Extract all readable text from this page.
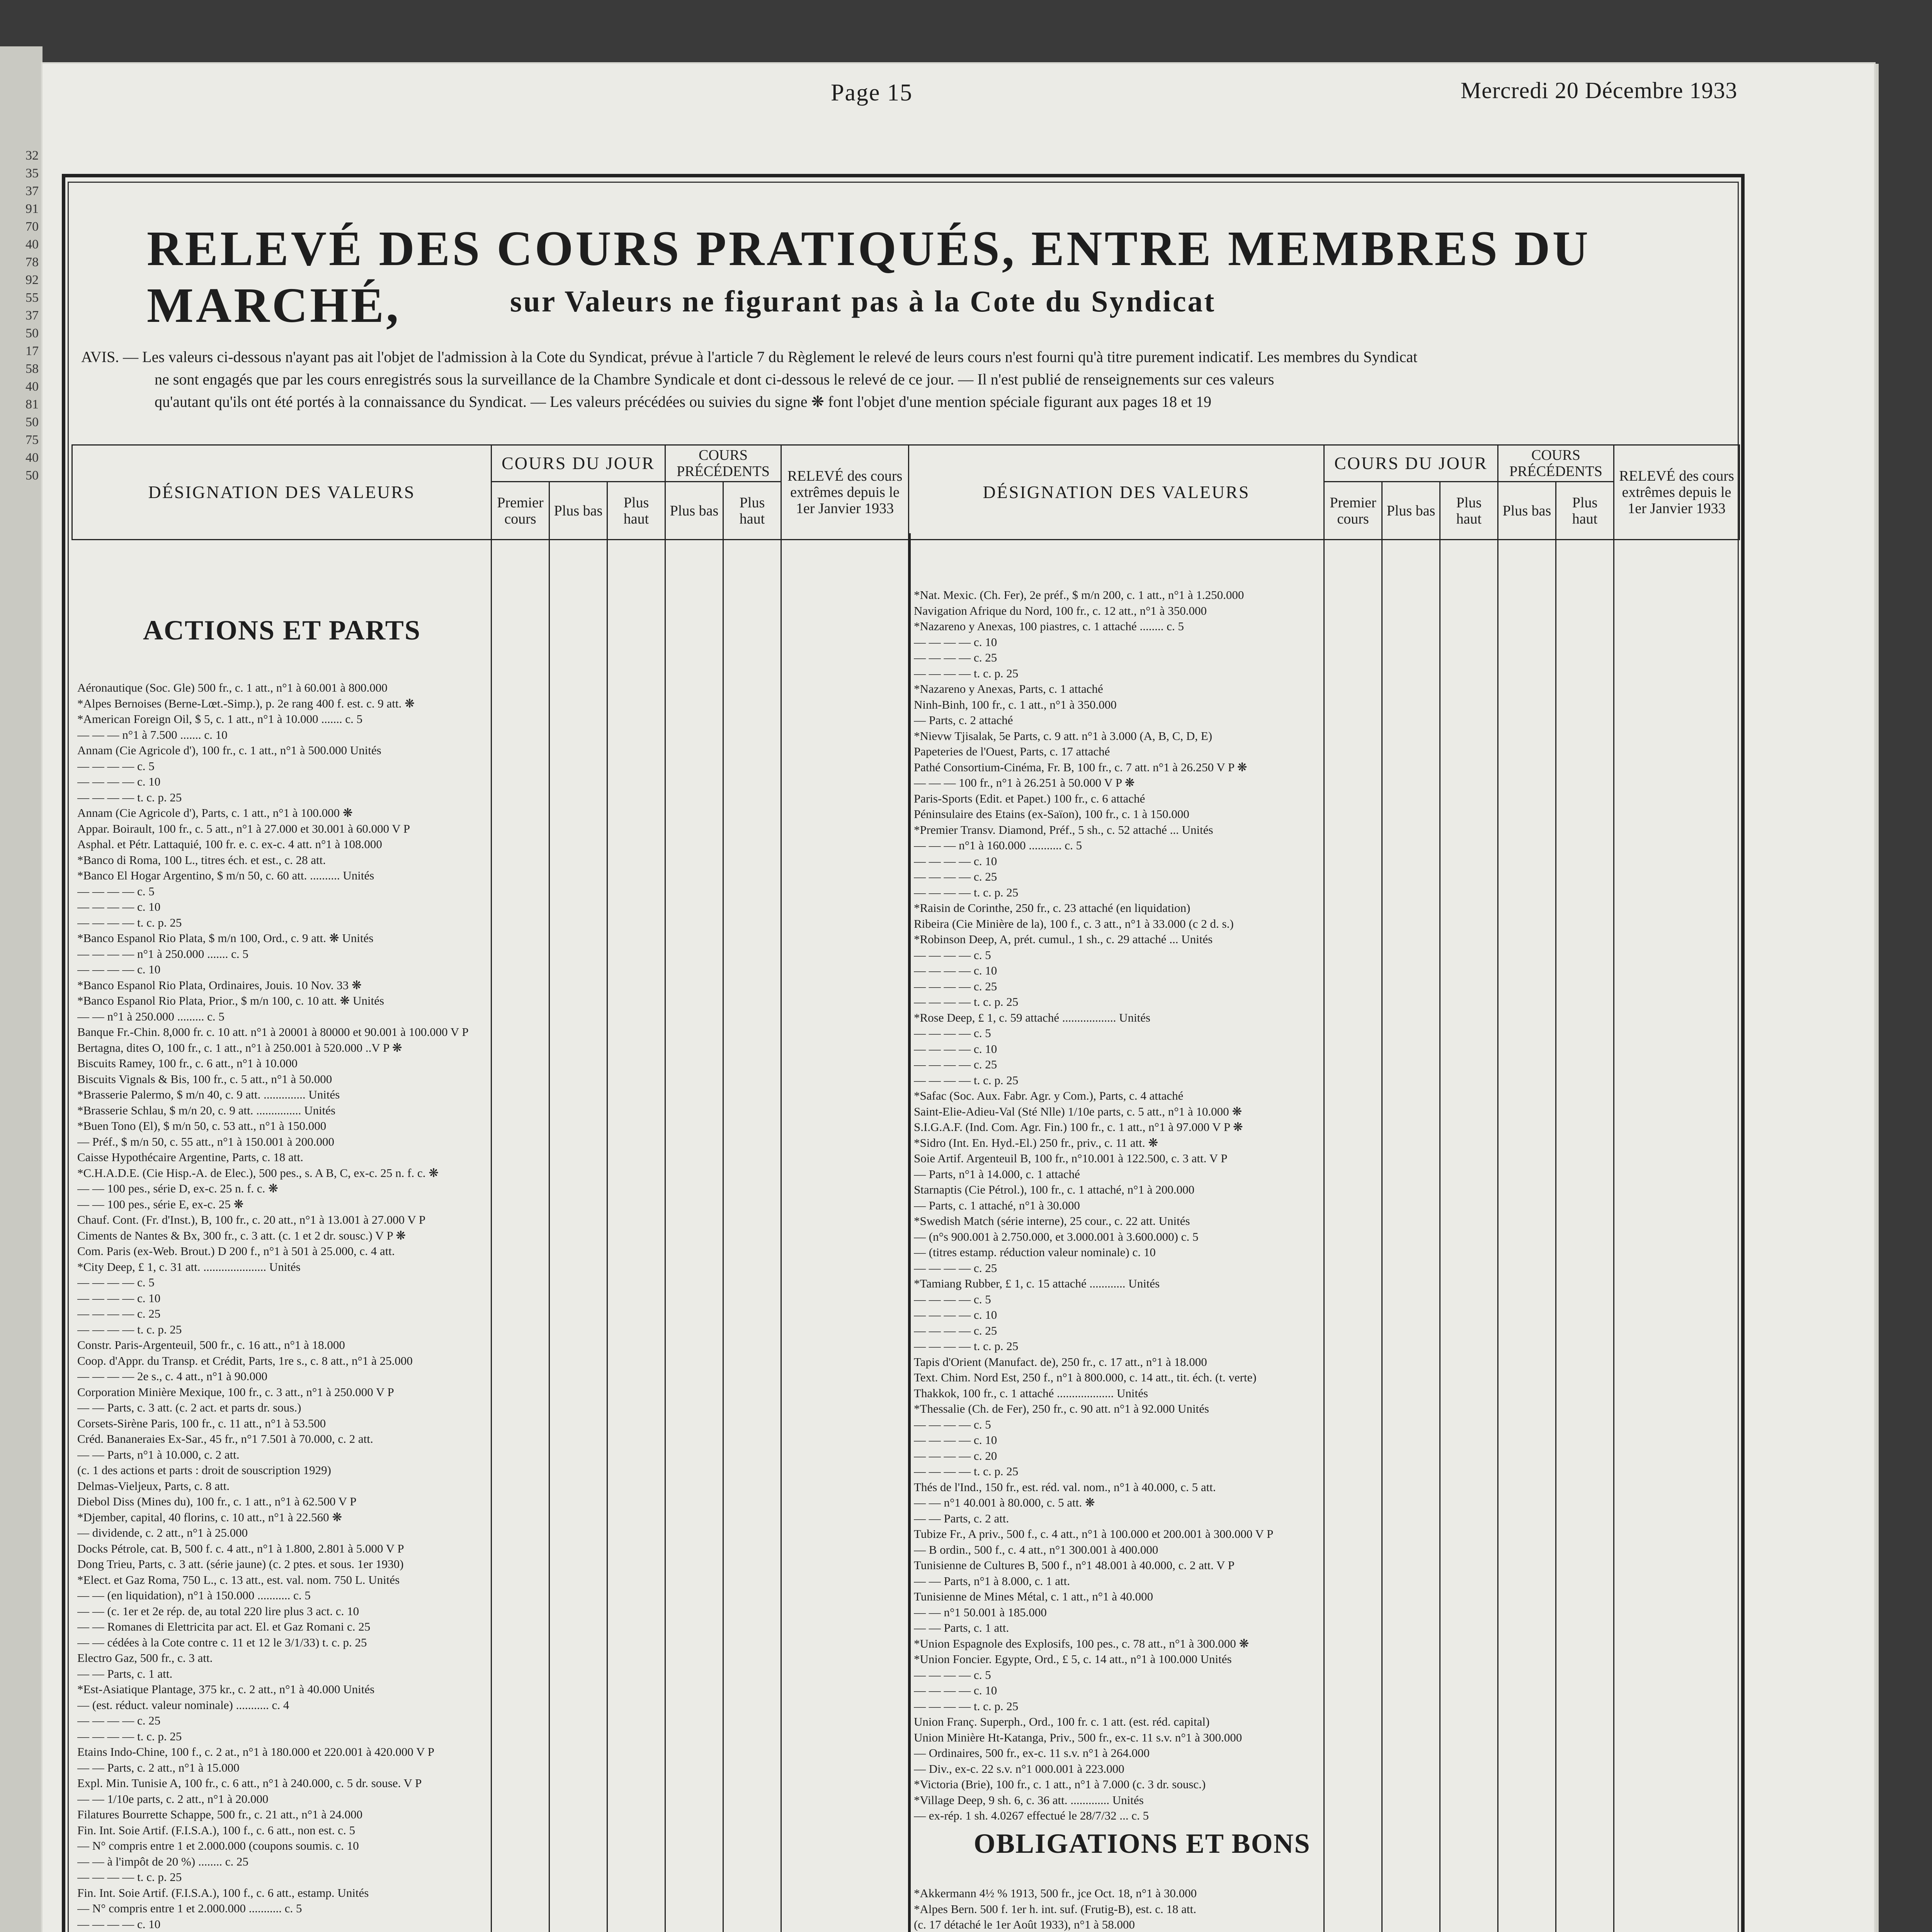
32
35
37
91
70
40
78
92
55
37
50
17
58
40
81
50
75
40
50
Page 15	Mercredi 20 Décembre 1933
RELEVÉ DES COURS PRATIQUÉS, ENTRE MEMBRES DU MARCHÉ,	sur Valeurs ne figurant pas à la Cote du Syndicat

AVIS. — Les valeurs ci-dessous n'ayant pas ait l'objet de l'admission à la Cote du Syndicat, prévue à l'article 7 du Règlement le relevé de leurs cours n'est fourni qu'à titre purement indicatif. Les membres du Syndicat

ne sont engagés que par les cours enregistrés sous la surveillance de la Chambre Syndicale et dont ci-dessous le relevé de ce jour. — Il n'est publié de renseignements sur ces valeurs

qu'autant qu'ils ont été portés à la connaissance du Syndicat. — Les valeurs précédées ou suivies du signe ❋ font l'objet d'une mention spéciale figurant aux pages 18 et 19

DÉSIGNATION DES VALEURS	COURS DU JOUR			COURS PRÉCÉDENTS		RELEVÉ des cours extrêmes depuis le 1er Janvier 1933
	Premier cours	Plus bas	Plus haut	Plus bas	Plus haut	
DÉSIGNATION DES VALEURS	COURS DU JOUR			COURS PRÉCÉDENTS		RELEVÉ des cours extrêmes depuis le 1er Janvier 1933
	Premier cours	Plus bas	Plus haut	Plus bas	Plus haut	
ACTIONS ET PARTS
OBLIGATIONS ET BONS
Aéronautique (Soc. Gle) 500 fr., c. 1 att., n°1 à 60.001 à 800.000
*Alpes Bernoises (Berne-Lœt.-Simp.), p. 2e rang 400 f. est. c. 9 att. ❋
*American Foreign Oil, $ 5, c. 1 att., n°1 à 10.000 ....... c. 5
— — — n°1 à 7.500 ....... c. 10
Annam (Cie Agricole d'), 100 fr., c. 1 att., n°1 à 500.000 Unités
— — — — c. 5
— — — — c. 10
— — — — t. c. p. 25
Annam (Cie Agricole d'), Parts, c. 1 att., n°1 à 100.000 ❋
Appar. Boirault, 100 fr., c. 5 att., n°1 à 27.000 et 30.001 à 60.000 V P
Asphal. et Pétr. Lattaquié, 100 fr. e. c. ex-c. 4 att. n°1 à 108.000
*Banco di Roma, 100 L., titres éch. et est., c. 28 att.
*Banco El Hogar Argentino, $ m/n 50, c. 60 att. .......... Unités
— — — — c. 5
— — — — c. 10
— — — — t. c. p. 25
*Banco Espanol Rio Plata, $ m/n 100, Ord., c. 9 att. ❋ Unités
— — — — n°1 à 250.000 ....... c. 5
— — — — c. 10
*Banco Espanol Rio Plata, Ordinaires, Jouis. 10 Nov. 33 ❋
*Banco Espanol Rio Plata, Prior., $ m/n 100, c. 10 att. ❋ Unités
— — n°1 à 250.000 ......... c. 5
Banque Fr.-Chin. 8,000 fr. c. 10 att. n°1 à 20001 à 80000 et 90.001 à 100.000 V P
Bertagna, dites O, 100 fr., c. 1 att., n°1 à 250.001 à 520.000 ..V P ❋
Biscuits Ramey, 100 fr., c. 6 att., n°1 à 10.000
Biscuits Vignals & Bis, 100 fr., c. 5 att., n°1 à 50.000
*Brasserie Palermo, $ m/n 40, c. 9 att. .............. Unités
*Brasserie Schlau, $ m/n 20, c. 9 att. ............... Unités
*Buen Tono (El), $ m/n 50, c. 53 att., n°1 à 150.000
— Préf., $ m/n 50, c. 55 att., n°1 à 150.001 à 200.000
Caisse Hypothécaire Argentine, Parts, c. 18 att.
*C.H.A.D.E. (Cie Hisp.-A. de Elec.), 500 pes., s. A B, C, ex-c. 25 n. f. c. ❋
— — 100 pes., série D, ex-c. 25 n. f. c. ❋
— — 100 pes., série E, ex-c. 25 ❋
Chauf. Cont. (Fr. d'Inst.), B, 100 fr., c. 20 att., n°1 à 13.001 à 27.000 V P
Ciments de Nantes & Bx, 300 fr., c. 3 att. (c. 1 et 2 dr. sousc.) V P ❋
Com. Paris (ex-Web. Brout.) D 200 f., n°1 à 501 à 25.000, c. 4 att.
*City Deep, £ 1, c. 31 att. ..................... Unités
— — — — c. 5
— — — — c. 10
— — — — c. 25
— — — — t. c. p. 25
Constr. Paris-Argenteuil, 500 fr., c. 16 att., n°1 à 18.000
Coop. d'Appr. du Transp. et Crédit, Parts, 1re s., c. 8 att., n°1 à 25.000
— — — — 2e s., c. 4 att., n°1 à 90.000
Corporation Minière Mexique, 100 fr., c. 3 att., n°1 à 250.000 V P
— — Parts, c. 3 att. (c. 2 act. et parts dr. sous.)
Corsets-Sirène Paris, 100 fr., c. 11 att., n°1 à 53.500
Créd. Bananeraies Ex-Sar., 45 fr., n°1 7.501 à 70.000, c. 2 att.
— — Parts, n°1 à 10.000, c. 2 att.
(c. 1 des actions et parts : droit de souscription 1929)
Delmas-Vieljeux, Parts, c. 8 att.
Diebol Diss (Mines du), 100 fr., c. 1 att., n°1 à 62.500 V P
*Djember, capital, 40 florins, c. 10 att., n°1 à 22.560 ❋
— dividende, c. 2 att., n°1 à 25.000
Docks Pétrole, cat. B, 500 f. c. 4 att., n°1 à 1.800, 2.801 à 5.000 V P
Dong Trieu, Parts, c. 3 att. (série jaune) (c. 2 ptes. et sous. 1er 1930)
*Elect. et Gaz Roma, 750 L., c. 13 att., est. val. nom. 750 L. Unités
— — (en liquidation), n°1 à 150.000 ........... c. 5
— — (c. 1er et 2e rép. de, au total 220 lire plus 3 act. c. 10
— — Romanes di Elettricita par act. El. et Gaz Romani c. 25
— — cédées à la Cote contre c. 11 et 12 le 3/1/33) t. c. p. 25
Electro Gaz, 500 fr., c. 3 att.
— — Parts, c. 1 att.
*Est-Asiatique Plantage, 375 kr., c. 2 att., n°1 à 40.000 Unités
— (est. réduct. valeur nominale) ........... c. 4
— — — — c. 25
— — — — t. c. p. 25
Etains Indo-Chine, 100 f., c. 2 at., n°1 à 180.000 et 220.001 à 420.000 V P
— — Parts, c. 2 att., n°1 à 15.000
Expl. Min. Tunisie A, 100 fr., c. 6 att., n°1 à 240.000, c. 5 dr. souse. V P
— — 1/10e parts, c. 2 att., n°1 à 20.000
Filatures Bourrette Schappe, 500 fr., c. 21 att., n°1 à 24.000
Fin. Int. Soie Artif. (F.I.S.A.), 100 f., c. 6 att., non est. c. 5
— N° compris entre 1 et 2.000.000 (coupons soumis. c. 10
— — à l'impôt de 20 %) ........ c. 25
— — — — t. c. p. 25
Fin. Int. Soie Artif. (F.I.S.A.), 100 f., c. 6 att., estamp. Unités
— N° compris entre 1 et 2.000.000 ........... c. 5
— — — — c. 10
*Nat. Mexic. (Ch. Fer), 2e préf., $ m/n 200, c. 1 att., n°1 à 1.250.000
Navigation Afrique du Nord, 100 fr., c. 12 att., n°1 à 350.000
*Nazareno y Anexas, 100 piastres, c. 1 attaché ........ c. 5
— — — — c. 10
— — — — c. 25
— — — — t. c. p. 25
*Nazareno y Anexas, Parts, c. 1 attaché
Ninh-Binh, 100 fr., c. 1 att., n°1 à 350.000
— Parts, c. 2 attaché
*Nievw Tjisalak, 5e Parts, c. 9 att. n°1 à 3.000 (A, B, C, D, E)
Papeteries de l'Ouest, Parts, c. 17 attaché
Pathé Consortium-Cinéma, Fr. B, 100 fr., c. 7 att. n°1 à 26.250 V P ❋
— — — 100 fr., n°1 à 26.251 à 50.000 V P ❋
Paris-Sports (Edit. et Papet.) 100 fr., c. 6 attaché
Péninsulaire des Etains (ex-Saïon), 100 fr., c. 1 à 150.000
*Premier Transv. Diamond, Préf., 5 sh., c. 52 attaché ... Unités
— — — n°1 à 160.000 ........... c. 5
— — — — c. 10
— — — — c. 25
— — — — t. c. p. 25
*Raisin de Corinthe, 250 fr., c. 23 attaché (en liquidation)
Ribeira (Cie Minière de la), 100 f., c. 3 att., n°1 à 33.000 (c 2 d. s.)
*Robinson Deep, A, prét. cumul., 1 sh., c. 29 attaché ... Unités
— — — — c. 5
— — — — c. 10
— — — — c. 25
— — — — t. c. p. 25
*Rose Deep, £ 1, c. 59 attaché .................. Unités
— — — — c. 5
— — — — c. 10
— — — — c. 25
— — — — t. c. p. 25
*Safac (Soc. Aux. Fabr. Agr. y Com.), Parts, c. 4 attaché
Saint-Elie-Adieu-Val (Sté Nlle) 1/10e parts, c. 5 att., n°1 à 10.000 ❋
S.I.G.A.F. (Ind. Com. Agr. Fin.) 100 fr., c. 1 att., n°1 à 97.000 V P ❋
*Sidro (Int. En. Hyd.-El.) 250 fr., priv., c. 11 att. ❋
Soie Artif. Argenteuil B, 100 fr., n°10.001 à 122.500, c. 3 att. V P
— Parts, n°1 à 14.000, c. 1 attaché
Starnaptis (Cie Pétrol.), 100 fr., c. 1 attaché, n°1 à 200.000
— Parts, c. 1 attaché, n°1 à 30.000
*Swedish Match (série interne), 25 cour., c. 22 att. Unités
— (n°s 900.001 à 2.750.000, et 3.000.001 à 3.600.000) c. 5
— (titres estamp. réduction valeur nominale) c. 10
— — — — c. 25
*Tamiang Rubber, £ 1, c. 15 attaché ............ Unités
— — — — c. 5
— — — — c. 10
— — — — c. 25
— — — — t. c. p. 25
Tapis d'Orient (Manufact. de), 250 fr., c. 17 att., n°1 à 18.000
Text. Chim. Nord Est, 250 f., n°1 à 800.000, c. 14 att., tit. éch. (t. verte)
Thakkok, 100 fr., c. 1 attaché ................... Unités
*Thessalie (Ch. de Fer), 250 fr., c. 90 att. n°1 à 92.000 Unités
— — — — c. 5
— — — — c. 10
— — — — c. 20
— — — — t. c. p. 25
Thés de l'Ind., 150 fr., est. réd. val. nom., n°1 à 40.000, c. 5 att.
— — n°1 40.001 à 80.000, c. 5 att. ❋
— — Parts, c. 2 att.
Tubize Fr., A priv., 500 f., c. 4 att., n°1 à 100.000 et 200.001 à 300.000 V P
— B ordin., 500 f., c. 4 att., n°1 300.001 à 400.000
Tunisienne de Cultures B, 500 f., n°1 48.001 à 40.000, c. 2 att. V P
— — Parts, n°1 à 8.000, c. 1 att.
Tunisienne de Mines Métal, c. 1 att., n°1 à 40.000
— — n°1 50.001 à 185.000
— — Parts, c. 1 att.
*Union Espagnole des Explosifs, 100 pes., c. 78 att., n°1 à 300.000 ❋
*Union Foncier. Egypte, Ord., £ 5, c. 14 att., n°1 à 100.000 Unités
— — — — c. 5
— — — — c. 10
— — — — t. c. p. 25
Union Franç. Superph., Ord., 100 fr. c. 1 att. (est. réd. capital)
Union Minière Ht-Katanga, Priv., 500 fr., ex-c. 11 s.v. n°1 à 300.000
— Ordinaires, 500 fr., ex-c. 11 s.v. n°1 à 264.000
— Div., ex-c. 22 s.v. n°1 000.001 à 223.000
*Victoria (Brie), 100 fr., c. 1 att., n°1 à 7.000 (c. 3 dr. sousc.)
*Village Deep, 9 sh. 6, c. 36 att. ............. Unités
— ex-rép. 1 sh. 4.0267 effectué le 28/7/32 ... c. 5
*Akkermann 4½ % 1913, 500 fr., jce Oct. 18, n°1 à 30.000
*Alpes Bern. 500 f. 1er h. int. suf. (Frutig-B), est. c. 18 att.
(c. 17 détaché le 1er Août 1933), n°1 à 58.000
